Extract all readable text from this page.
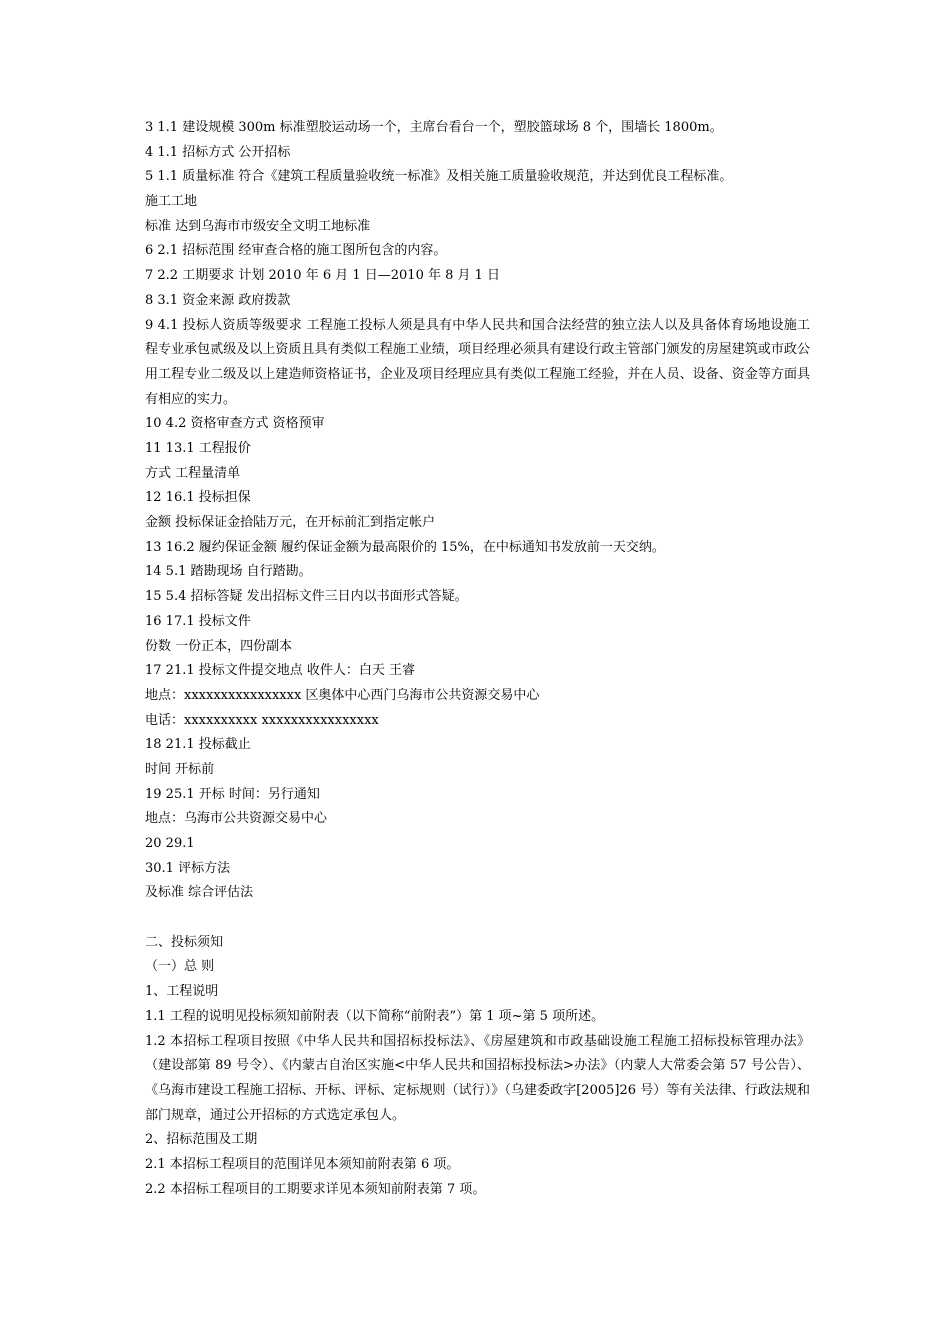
3 1.1 建设规模 300m 标准塑胶运动场一个，主席台看台一个，塑胶篮球场 8 个，围墙长 1800m。
4 1.1 招标方式 公开招标
5 1.1 质量标准 符合《建筑工程质量验收统一标准》及相关施工质量验收规范，并达到优良工程标准。
施工工地
标准 达到乌海市市级安全文明工地标准
6 2.1 招标范围 经审查合格的施工图所包含的内容。
7 2.2 工期要求 计划 2010 年 6 月 1 日—2010 年 8 月 1 日
8 3.1 资金来源 政府拨款

9 4.1 投标人资质等级要求 工程施工投标人须是具有中华人民共和国合法经营的独立法人以及具备体育场地设施工程专业承包贰级及以上资质且具有类似工程施工业绩，项目经理必须具有建设行政主管部门颁发的房屋建筑或市政公用工程专业二级及以上建造师资格证书，企业及项目经理应具有类似工程施工经验，并在人员、设备、资金等方面具有相应的实力。

10 4.2 资格审查方式 资格预审
11 13.1 工程报价
方式 工程量清单
12 16.1 投标担保
金额 投标保证金拾陆万元，在开标前汇到指定帐户
13 16.2 履约保证金额 履约保证金额为最高限价的 15%，在中标通知书发放前一天交纳。
14 5.1 踏勘现场 自行踏勘。
15 5.4 招标答疑 发出招标文件三日内以书面形式答疑。
16 17.1 投标文件
份数 一份正本，四份副本
17 21.1 投标文件提交地点 收件人：白天 王睿
地点：xxxxxxxxxxxxxxxx 区奥体中心西门乌海市公共资源交易中心
电话：xxxxxxxxxx xxxxxxxxxxxxxxxx
18 21.1 投标截止
时间 开标前
19 25.1 开标 时间：另行通知
地点：乌海市公共资源交易中心
20 29.1
30.1 评标方法
及标准 综合评估法
二、投标须知
（一）总 则
1、工程说明
1.1 工程的说明见投标须知前附表（以下简称“前附表”）第 1 项~第 5 项所述。

1.2 本招标工程项目按照《中华人民共和国招标投标法》、《房屋建筑和市政基础设施工程施工招标投标管理办法》（建设部第 89 号令）、《内蒙古自治区实施<中华人民共和国招标投标法>办法》（内蒙人大常委会第 57 号公告）、《乌海市建设工程施工招标、开标、评标、定标规则（试行）》（乌建委政字[2005]26 号）等有关法律、行政法规和部门规章，通过公开招标的方式选定承包人。

2、招标范围及工期
2.1 本招标工程项目的范围详见本须知前附表第 6 项。
2.2 本招标工程项目的工期要求详见本须知前附表第 7 项。
